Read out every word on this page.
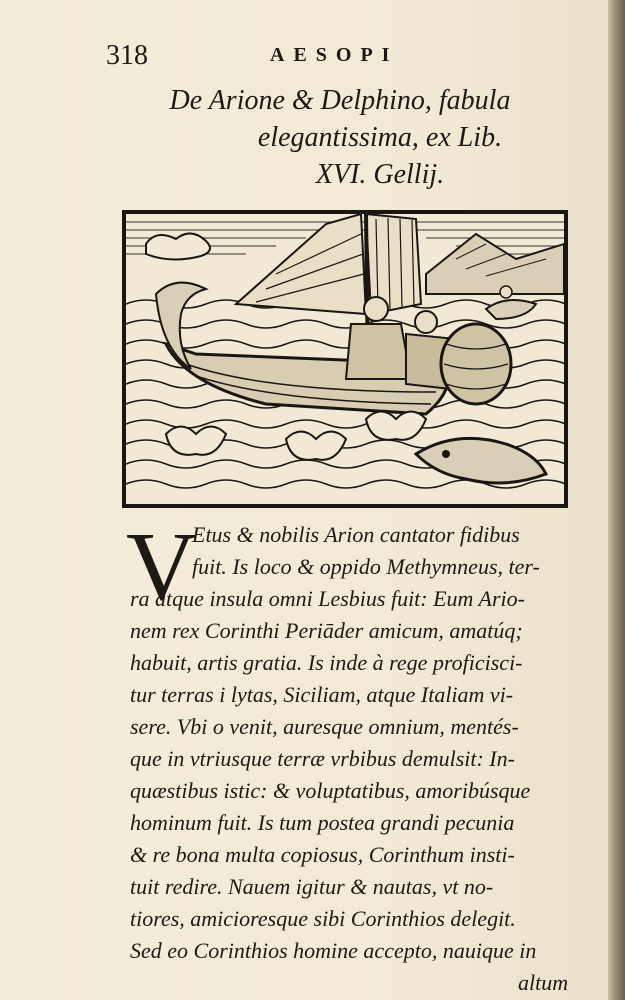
318	AESOPI
De Arione & Delphino, fabula
elegantissima, ex Lib.
XVI. Gellij.
V
Etus & nobilis Arion cantator fidibus
fuit. Is loco & oppido Methymneus, ter-
ra atque insula omni Lesbius fuit: Eum Ario-
nem rex Corinthi Periāder amicum, amatúq;
habuit, artis gratia. Is inde à rege proficisci-
tur terras i lytas, Siciliam, atque Italiam vi-
sere. Vbi o venit, auresque omnium, mentés-
que in vtriusque terræ vrbibus demulsit: In-
quæstibus istic: & voluptatibus, amoribúsque
hominum fuit. Is tum postea grandi pecunia
& re bona multa copiosus, Corinthum insti-
tuit redire. Nauem igitur & nautas, vt no-
tiores, amicioresque sibi Corinthios delegit.
Sed eo Corinthios homine accepto, nauique in
altum
